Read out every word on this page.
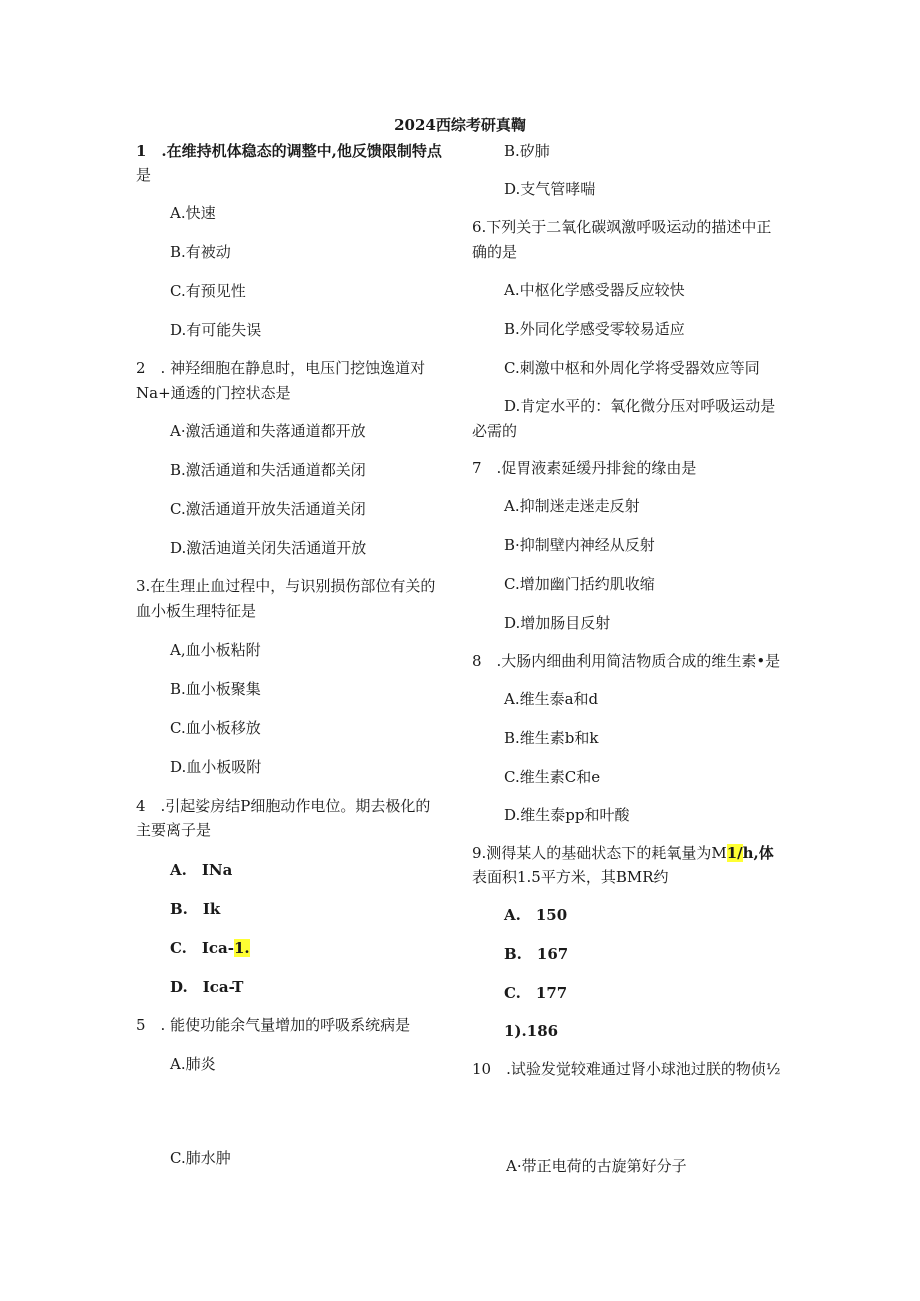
2024西综考研真鞫
1　.在维持机体稳态的调整中,他反馈限制特点
是
A.快速
B.有被动
C.有预见性
D.有可能失误
2　. 神羟细胞在静息时，电压门挖蚀逸道对
Na+通透的门控状态是
A·激活通道和失落通道都开放
B.激活通道和失活通道都关闭
C.激活通道开放失活通道关闭
D.激活迪道关闭失活通道开放
3.在生理止血过程中，与识别损伤部位有关的
血小板生理特征是
A,血小板粘附
B.血小板聚集
C.血小板移放
D.血小板吸附
4　.引起娑房结P细胞动作电位。期去极化的
主要离子是
A.　INa
B.　Ik
C.　Ica-1.
D.　Ica-T
5　. 能使功能余气量增加的呼吸系统病是
A.肺炎
C.肺水肿
B.矽肺
D.支气管哮喘
6.下列关于二氧化碳飒激呼吸运动的描述中正
确的是
A.中枢化学感受器反应较快
B.外同化学感受零较易适应
C.刺激中枢和外周化学将受器效应等同
D.肯定水平的：氧化微分压对呼吸运动是
必需的
7　.促胃液素延缓丹排瓮的缘由是
A.抑制迷走迷走反射
B·抑制壁内神经从反射
C.增加幽门括约肌收缩
D.增加肠目反射
8　.大肠内细曲利用简洁物质合成的维生素•是
A.维生泰a和d
B.维生素b和k
C.维生素C和e
D.维生泰pp和叶酸
9.测得某人的基础状态下的耗氧量为M1/h,体
表面积1.5平方米，其BMR约
A.　150
B.　167
C.　177
1).186
10　.试验发觉较难通过肾小球池过朕的物侦½
A·带正电荷的古旋第好分子
